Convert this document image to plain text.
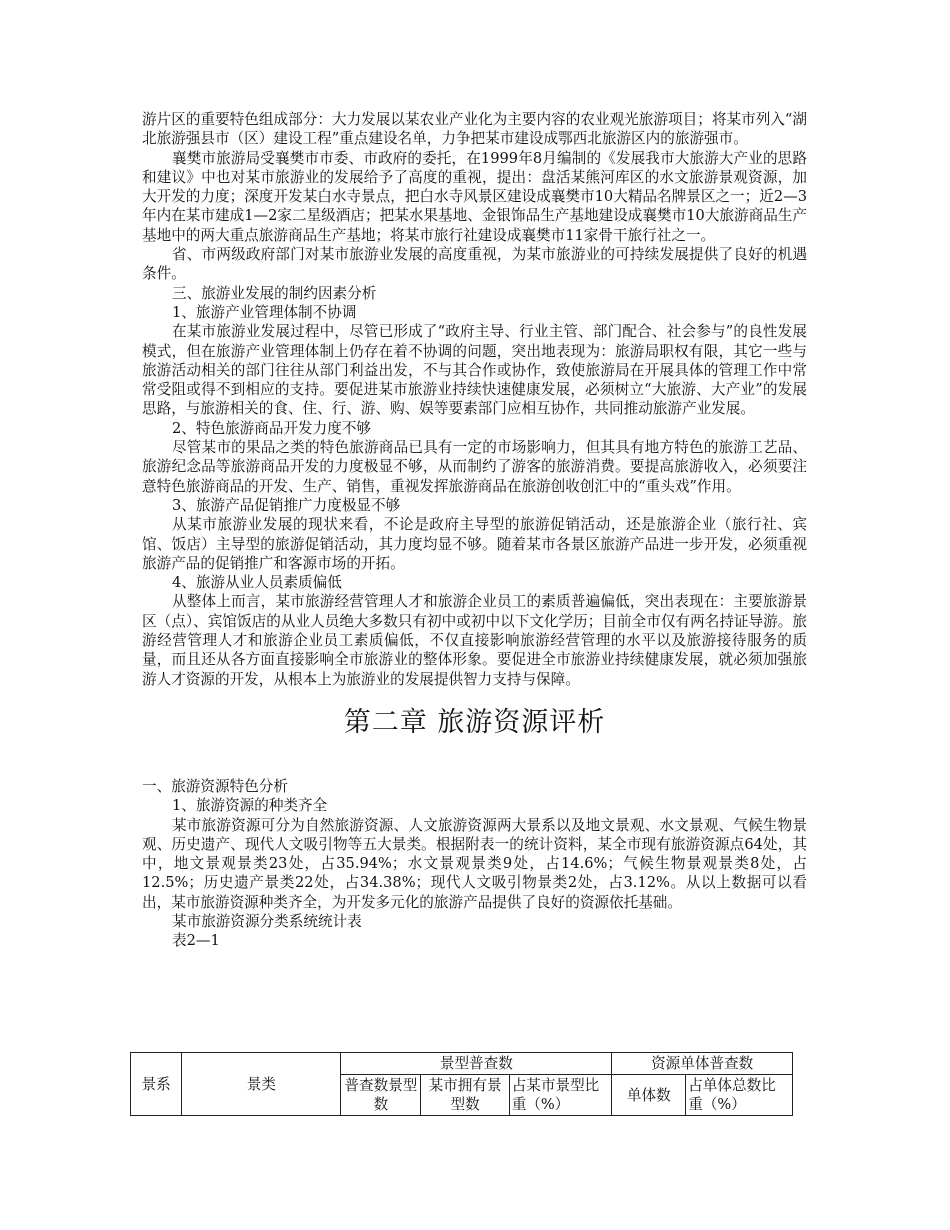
游片区的重要特色组成部分：大力发展以某农业产业化为主要内容的农业观光旅游项目；将某市列入“湖北旅游强县市（区）建设工程”重点建设名单，力争把某市建设成鄂西北旅游区内的旅游强市。

襄樊市旅游局受襄樊市市委、市政府的委托，在1999年8月编制的《发展我市大旅游大产业的思路和建议》中也对某市旅游业的发展给予了高度的重视，提出：盘活某熊河库区的水文旅游景观资源，加大开发的力度；深度开发某白水寺景点，把白水寺风景区建设成襄樊市10大精品名牌景区之一；近2—3年内在某市建成1—2家二星级酒店；把某水果基地、金银饰品生产基地建设成襄樊市10大旅游商品生产基地中的两大重点旅游商品生产基地；将某市旅行社建设成襄樊市11家骨干旅行社之一。

省、市两级政府部门对某市旅游业发展的高度重视，为某市旅游业的可持续发展提供了良好的机遇条件。

三、旅游业发展的制约因素分析

1、旅游产业管理体制不协调

在某市旅游业发展过程中，尽管已形成了“政府主导、行业主管、部门配合、社会参与”的良性发展模式，但在旅游产业管理体制上仍存在着不协调的问题，突出地表现为：旅游局职权有限，其它一些与旅游活动相关的部门往往从部门利益出发，不与其合作或协作，致使旅游局在开展具体的管理工作中常常受阻或得不到相应的支持。要促进某市旅游业持续快速健康发展，必须树立“大旅游、大产业”的发展思路，与旅游相关的食、住、行、游、购、娱等要素部门应相互协作，共同推动旅游产业发展。

2、特色旅游商品开发力度不够

尽管某市的果品之类的特色旅游商品已具有一定的市场影响力，但其具有地方特色的旅游工艺品、旅游纪念品等旅游商品开发的力度极显不够，从而制约了游客的旅游消费。要提高旅游收入，必须要注意特色旅游商品的开发、生产、销售，重视发挥旅游商品在旅游创收创汇中的“重头戏”作用。

3、旅游产品促销推广力度极显不够

从某市旅游业发展的现状来看，不论是政府主导型的旅游促销活动，还是旅游企业（旅行社、宾馆、饭店）主导型的旅游促销活动，其力度均显不够。随着某市各景区旅游产品进一步开发，必须重视旅游产品的促销推广和客源市场的开拓。

4、旅游从业人员素质偏低

从整体上而言，某市旅游经营管理人才和旅游企业员工的素质普遍偏低，突出表现在：主要旅游景区（点）、宾馆饭店的从业人员绝大多数只有初中或初中以下文化学历；目前全市仅有两名持证导游。旅游经营管理人才和旅游企业员工素质偏低，不仅直接影响旅游经营管理的水平以及旅游接待服务的质量，而且还从各方面直接影响全市旅游业的整体形象。要促进全市旅游业持续健康发展，就必须加强旅游人才资源的开发，从根本上为旅游业的发展提供智力支持与保障。

第二章 旅游资源评析

一、旅游资源特色分析

1、旅游资源的种类齐全

某市旅游资源可分为自然旅游资源、人文旅游资源两大景系以及地文景观、水文景观、气候生物景观、历史遗产、现代人文吸引物等五大景类。根据附表一的统计资料，某全市现有旅游资源点64处，其中，地文景观景类23处，占35.94%；水文景观景类9处，占14.6%；气候生物景观景类8处，占12.5%；历史遗产景类22处，占34.38%；现代人文吸引物景类2处，占3.12%。从以上数据可以看出，某市旅游资源种类齐全，为开发多元化的旅游产品提供了良好的资源依托基础。

某市旅游资源分类系统统计表

表2—1

景系	景类	景型普查数			资源单体普查数	
		普查数景型数	某市拥有景型数	占某市景型比重（%）	单体数	占单体总数比重（%）
